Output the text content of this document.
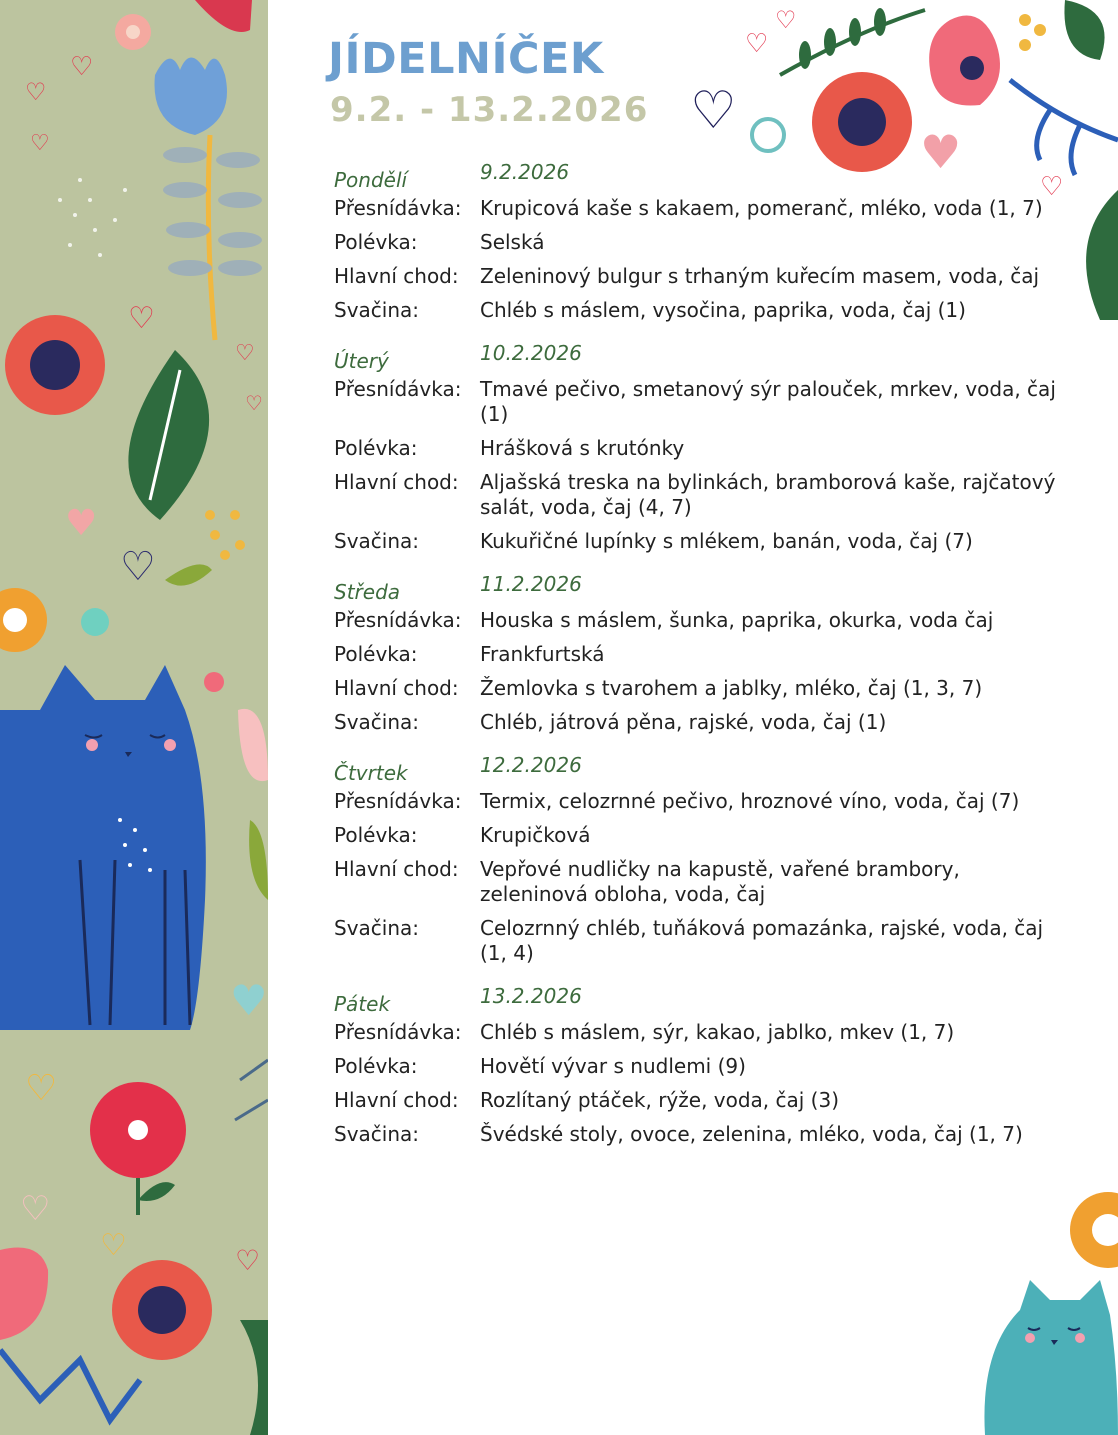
♡
♡
♡
♡
♡
♡
♡
♥
♡
♡
♡
♡
♥
♡
♡
♡
♥
♡
JÍDELNÍČEK
9.2. - 13.2.2026
Pondělí	9.2.2026
Přesnídávka: Krupicová kaše s kakaem, pomeranč, mléko, voda (1, 7)
Polévka:	Selská
Hlavní chod:	Zeleninový bulgur s trhaným kuřecím masem, voda, čaj
Svačina:	Chléb s máslem, vysočina, paprika, voda, čaj (1)
Úterý	10.2.2026
Přesnídávka: Tmavé pečivo, smetanový sýr palouček, mrkev, voda, čaj (1)
Polévka:	Hrášková s krutónky
Hlavní chod:	Aljašská treska na bylinkách, bramborová kaše, rajčatový salát, voda, čaj (4, 7)
Svačina:	Kukuřičné lupínky s mlékem, banán, voda, čaj (7)
Středa	11.2.2026
Přesnídávka: Houska s máslem, šunka, paprika, okurka, voda čaj
Polévka:	Frankfurtská
Hlavní chod:	Žemlovka s tvarohem a jablky, mléko, čaj (1, 3, 7)
Svačina:	Chléb, játrová pěna, rajské, voda, čaj (1)
Čtvrtek	12.2.2026
Přesnídávka: Termix, celozrnné pečivo, hroznové víno, voda, čaj (7)
Polévka:	Krupičková
Hlavní chod:	Vepřové nudličky na kapustě, vařené brambory, zeleninová obloha, voda, čaj
Svačina:	Celozrnný chléb, tuňáková pomazánka, rajské, voda, čaj (1, 4)
Pátek	13.2.2026
Přesnídávka: Chléb s máslem, sýr, kakao, jablko, mkev (1, 7)
Polévka:	Hovětí vývar s nudlemi (9)
Hlavní chod:	Rozlítaný ptáček, rýže, voda, čaj (3)
Svačina:	Švédské stoly, ovoce, zelenina, mléko, voda, čaj (1, 7)
